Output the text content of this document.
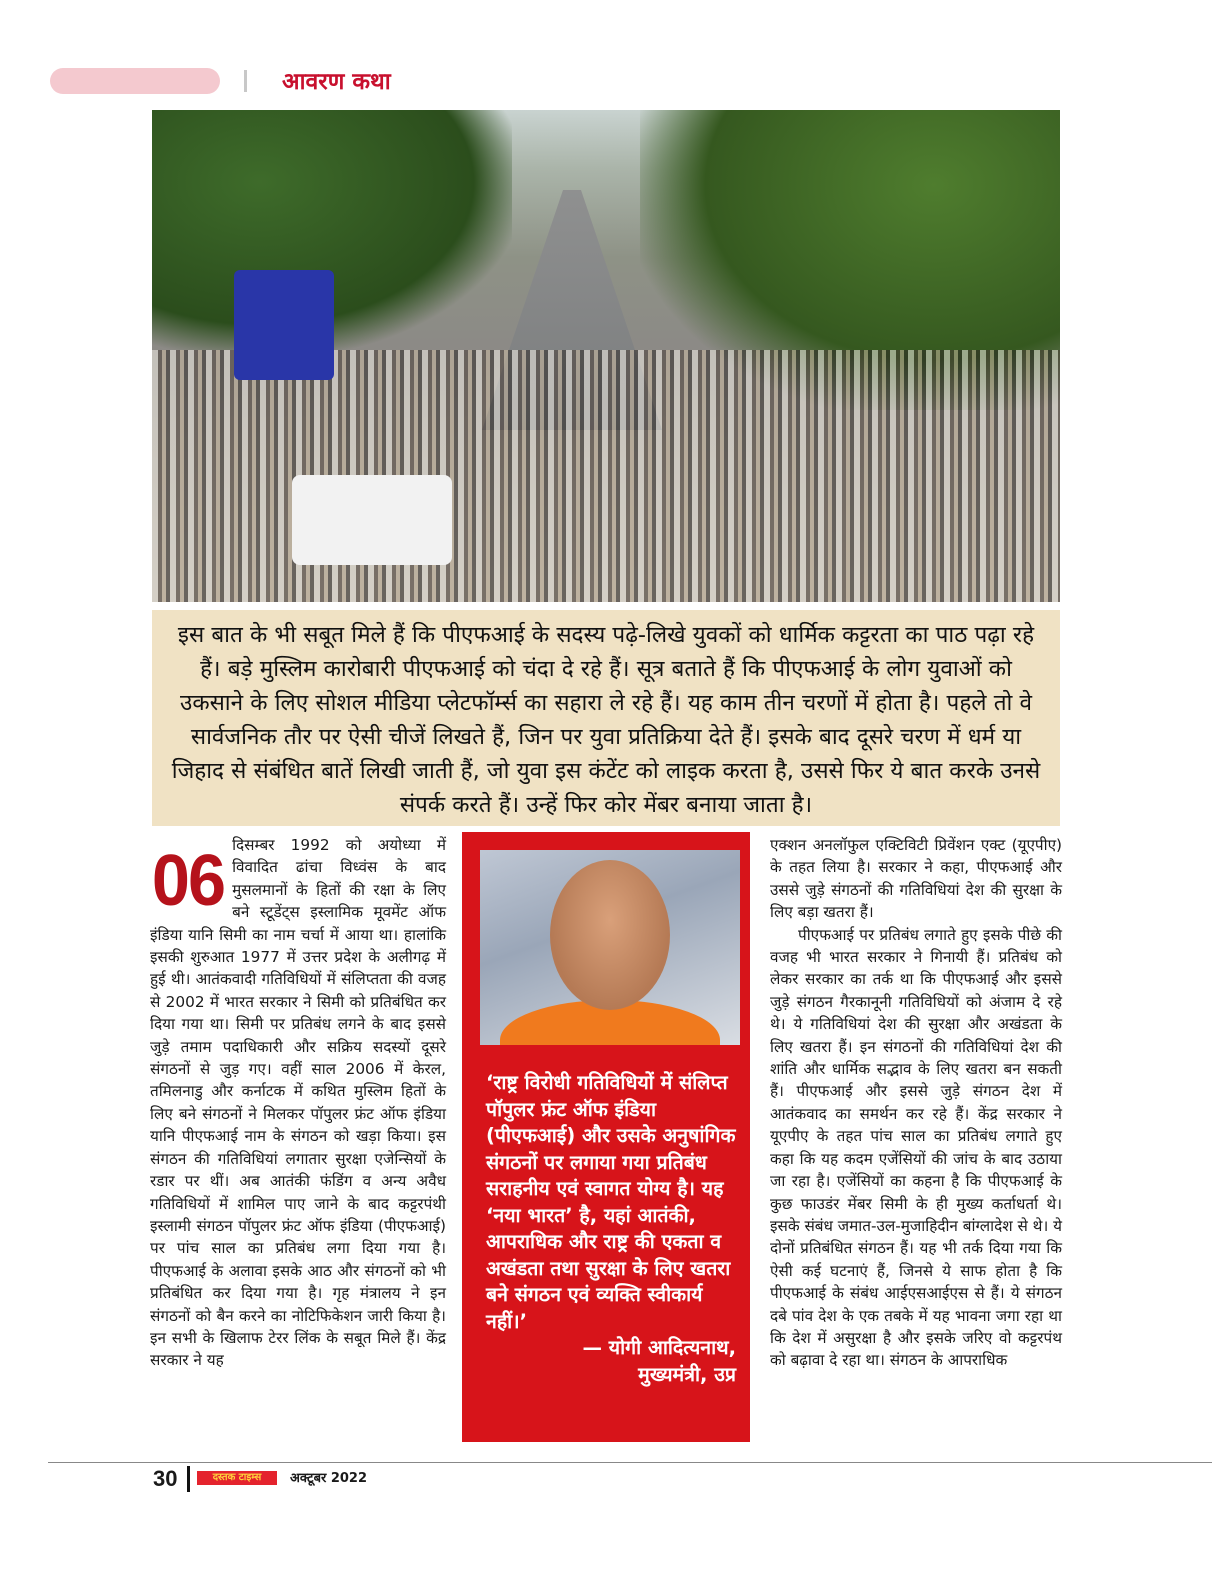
आवरण कथा
इस बात के भी सबूत मिले हैं कि पीएफआई के सदस्य पढ़े-लिखे युवकों को धार्मिक कट्टरता का पाठ पढ़ा रहे हैं। बड़े मुस्लिम कारोबारी पीएफआई को चंदा दे रहे हैं। सूत्र बताते हैं कि पीएफआई के लोग युवाओं को उकसाने के लिए सोशल मीडिया प्लेटफॉर्म्स का सहारा ले रहे हैं। यह काम तीन चरणों में होता है। पहले तो वे सार्वजनिक तौर पर ऐसी चीजें लिखते हैं, जिन पर युवा प्रतिक्रिया देते हैं। इसके बाद दूसरे चरण में धर्म या जिहाद से संबंधित बातें लिखी जाती हैं, जो युवा इस कंटेंट को लाइक करता है, उससे फिर ये बात करके उनसे संपर्क करते हैं। उन्हें फिर कोर मेंबर बनाया जाता है।
06 दिसम्बर 1992 को अयोध्या में विवादित ढांचा विध्वंस के बाद मुसलमानों के हितों की रक्षा के लिए बने स्टूडेंट्स इस्लामिक मूवमेंट ऑफ इंडिया यानि सिमी का नाम चर्चा में आया था। हालांकि इसकी शुरुआत 1977 में उत्तर प्रदेश के अलीगढ़ में हुई थी। आतंकवादी गतिविधियों में संलिप्तता की वजह से 2002 में भारत सरकार ने सिमी को प्रतिबंधित कर दिया गया था। सिमी पर प्रतिबंध लगने के बाद इससे जुड़े तमाम पदाधिकारी और सक्रिय सदस्यों दूसरे संगठनों से जुड़ गए। वहीं साल 2006 में केरल, तमिलनाडु और कर्नाटक में कथित मुस्लिम हितों के लिए बने संगठनों ने मिलकर पॉपुलर फ्रंट ऑफ इंडिया यानि पीएफआई नाम के संगठन को खड़ा किया। इस संगठन की गतिविधियां लगातार सुरक्षा एजेन्सियों के रडार पर थीं। अब आतंकी फंडिंग व अन्य अवैध गतिविधियों में शामिल पाए जाने के बाद कट्टरपंथी इस्लामी संगठन पॉपुलर फ्रंट ऑफ इंडिया (पीएफआई) पर पांच साल का प्रतिबंध लगा दिया गया है। पीएफआई के अलावा इसके आठ और संगठनों को भी प्रतिबंधित कर दिया गया है। गृह मंत्रालय ने इन संगठनों को बैन करने का नोटिफिकेशन जारी किया है। इन सभी के खिलाफ टेरर लिंक के सबूत मिले हैं। केंद्र सरकार ने यह
‘राष्ट्र विरोधी गतिविधियों में संलिप्त पॉपुलर फ्रंट ऑफ इंडिया (पीएफआई) और उसके अनुषांगिक संगठनों पर लगाया गया प्रतिबंध सराहनीय एवं स्वागत योग्य है। यह ‘नया भारत’ है, यहां आतंकी, आपराधिक और राष्ट्र की एकता व अखंडता तथा सुरक्षा के लिए खतरा बने संगठन एवं व्यक्ति स्वीकार्य नहीं।’
— योगी आदित्यनाथ,
मुख्यमंत्री, उप्र

एक्शन अनलॉफुल एक्टिविटी प्रिवेंशन एक्ट (यूएपीए) के तहत लिया है। सरकार ने कहा, पीएफआई और उससे जुड़े संगठनों की गतिविधियां देश की सुरक्षा के लिए बड़ा खतरा हैं।

पीएफआई पर प्रतिबंध लगाते हुए इसके पीछे की वजह भी भारत सरकार ने गिनायी हैं। प्रतिबंध को लेकर सरकार का तर्क था कि पीएफआई और इससे जुड़े संगठन गैरकानूनी गतिविधियों को अंजाम दे रहे थे। ये गतिविधियां देश की सुरक्षा और अखंडता के लिए खतरा हैं। इन संगठनों की गतिविधियां देश की शांति और धार्मिक सद्भाव के लिए खतरा बन सकती हैं। पीएफआई और इससे जुड़े संगठन देश में आतंकवाद का समर्थन कर रहे हैं। केंद्र सरकार ने यूएपीए के तहत पांच साल का प्रतिबंध लगाते हुए कहा कि यह कदम एजेंसियों की जांच के बाद उठाया जा रहा है। एजेंसियों का कहना है कि पीएफआई के कुछ फाउडंर मेंबर सिमी के ही मुख्य कर्ताधर्ता थे। इसके संबंध जमात-उल-मुजाहिदीन बांग्लादेश से थे। ये दोनों प्रतिबंधित संगठन हैं। यह भी तर्क दिया गया कि ऐसी कई घटनाएं हैं, जिनसे ये साफ होता है कि पीएफआई के संबंध आईएसआईएस से हैं। ये संगठन दबे पांव देश के एक तबके में यह भावना जगा रहा था कि देश में असुरक्षा है और इसके जरिए वो कट्टरपंथ को बढ़ावा दे रहा था। संगठन के आपराधिक

30	दस्तक टाइम्स	अक्टूबर 2022
